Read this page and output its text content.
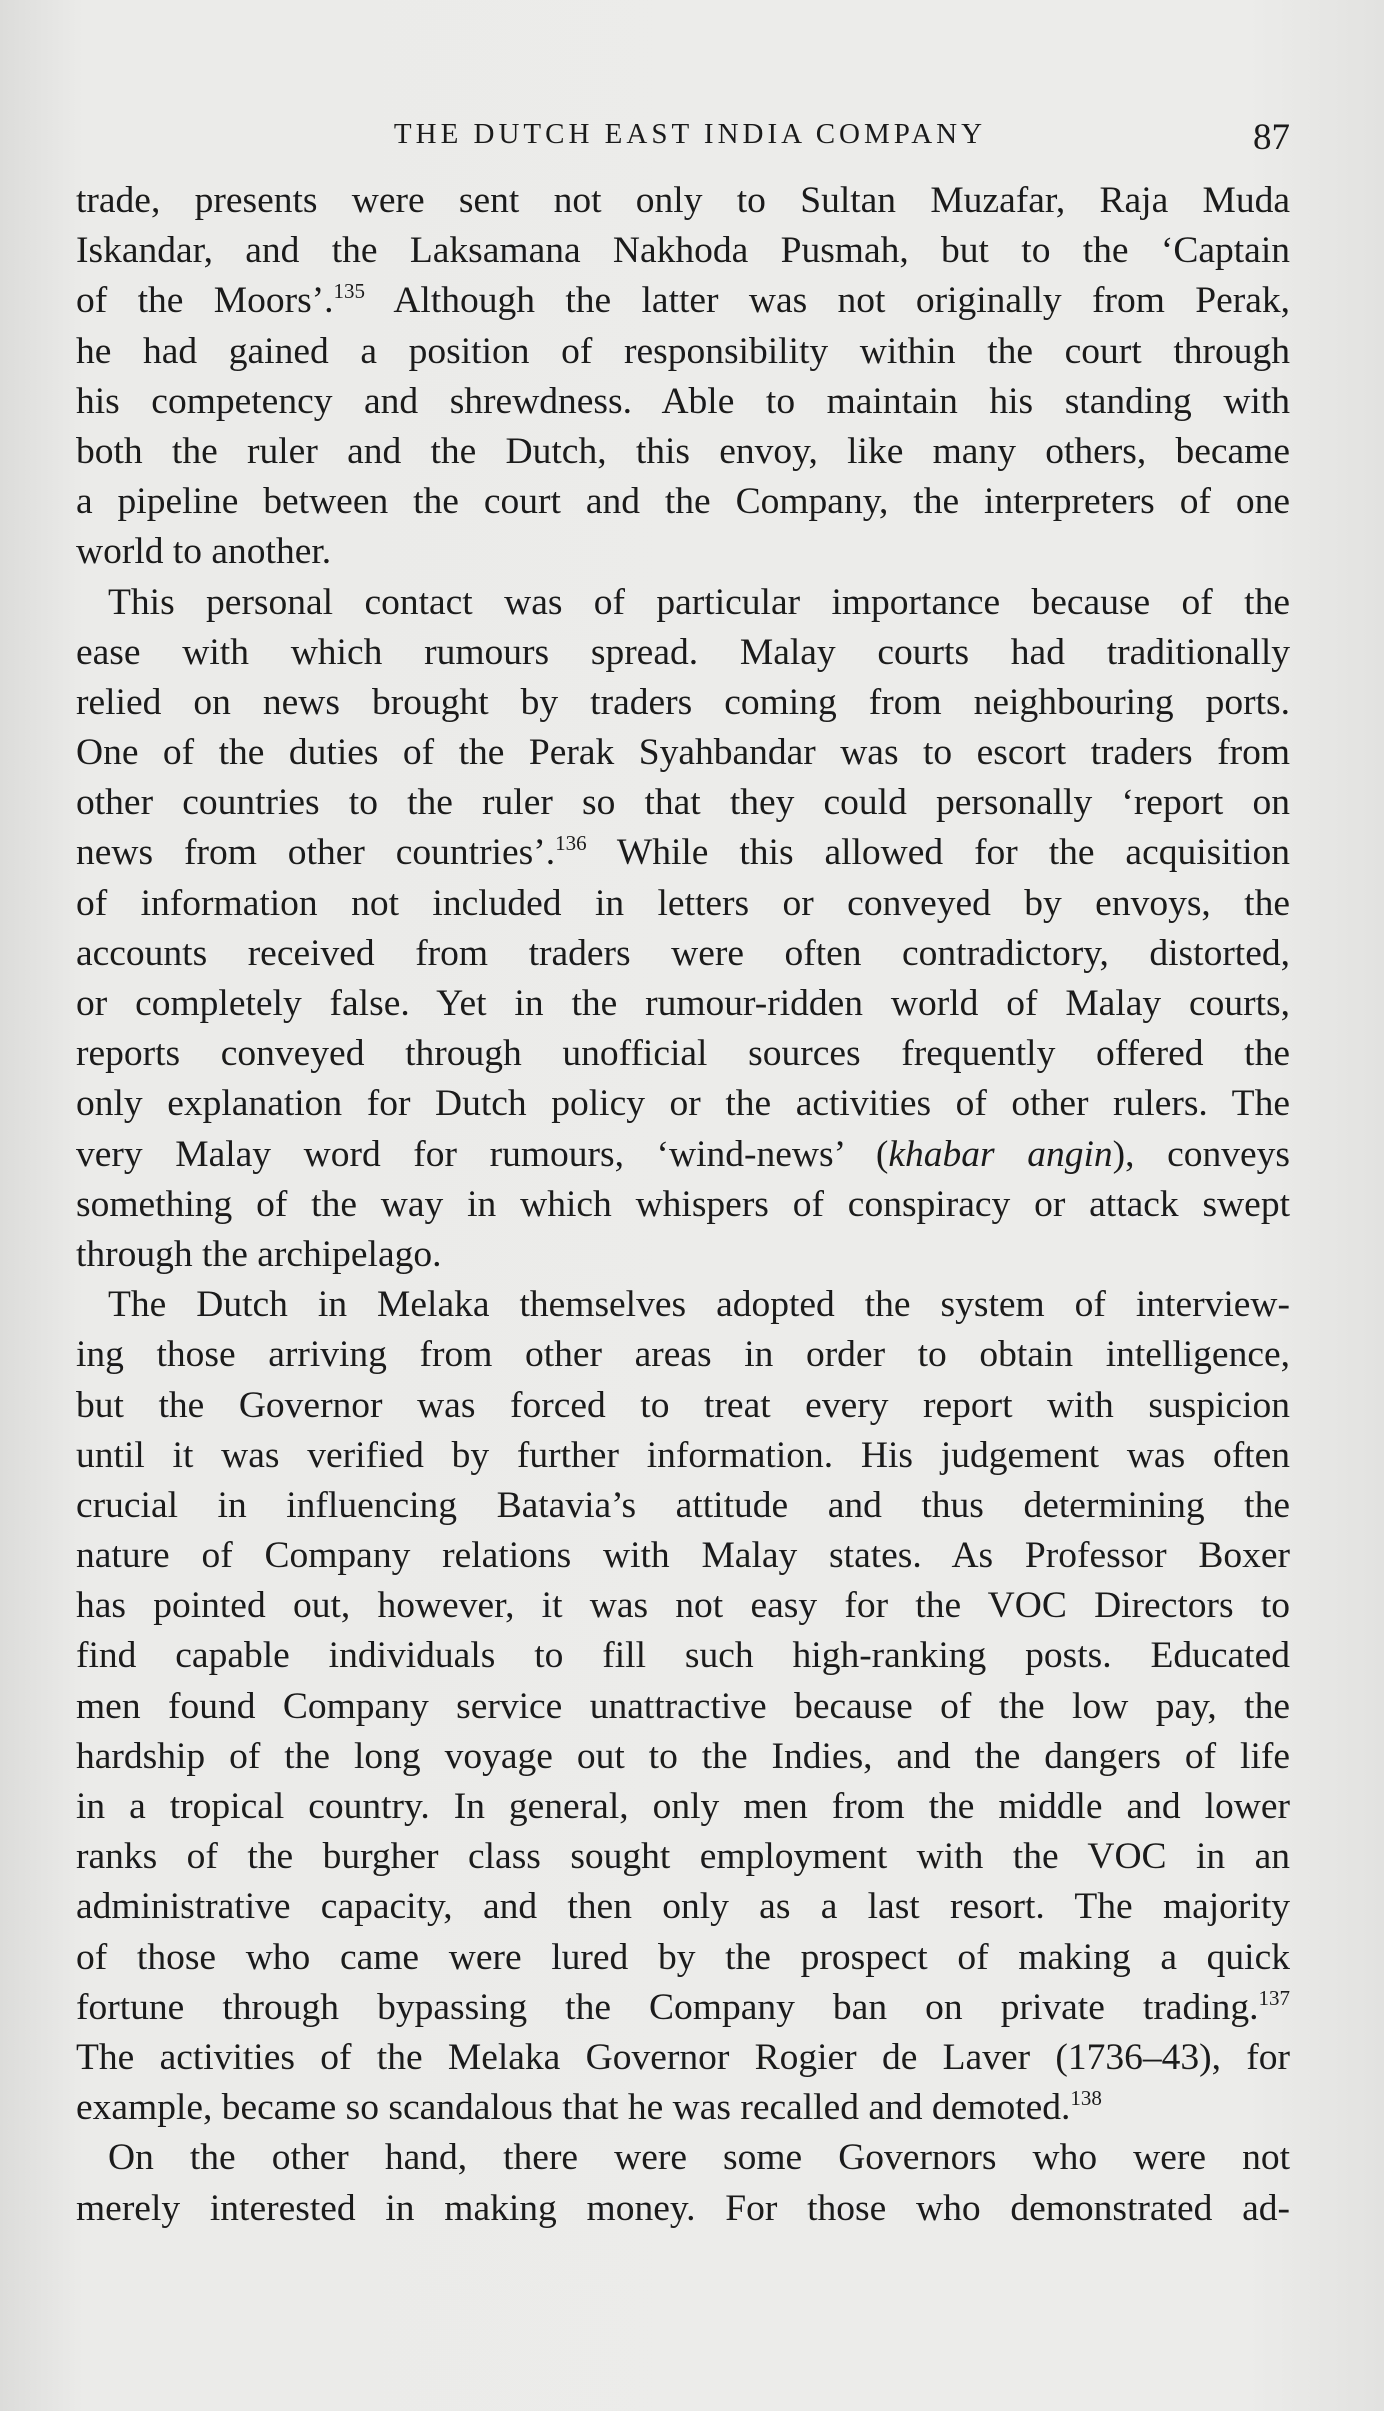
THE DUTCH EAST INDIA COMPANY	87
trade, presents were sent not only to Sultan Muzafar, Raja Muda
Iskandar, and the Laksamana Nakhoda Pusmah, but to the ‘Captain
of the Moors’.$^{135}$ Although the latter was not originally from Perak,
he had gained a position of responsibility within the court through
his competency and shrewdness. Able to maintain his standing with
both the ruler and the Dutch, this envoy, like many others, became
a pipeline between the court and the Company, the interpreters of one
world to another.
This personal contact was of particular importance because of the
ease with which rumours spread. Malay courts had traditionally
relied on news brought by traders coming from neighbouring ports.
One of the duties of the Perak Syahbandar was to escort traders from
other countries to the ruler so that they could personally ‘report on
news from other countries’.$^{136}$ While this allowed for the acquisition
of information not included in letters or conveyed by envoys, the
accounts received from traders were often contradictory, distorted,
or completely false. Yet in the rumour-ridden world of Malay courts,
reports conveyed through unofficial sources frequently offered the
only explanation for Dutch policy or the activities of other rulers. The
very Malay word for rumours, ‘wind-news’ (khabar angin), conveys
something of the way in which whispers of conspiracy or attack swept
through the archipelago.
The Dutch in Melaka themselves adopted the system of interview-
ing those arriving from other areas in order to obtain intelligence,
but the Governor was forced to treat every report with suspicion
until it was verified by further information. His judgement was often
crucial in influencing Batavia’s attitude and thus determining the
nature of Company relations with Malay states. As Professor Boxer
has pointed out, however, it was not easy for the VOC Directors to
find capable individuals to fill such high-ranking posts. Educated
men found Company service unattractive because of the low pay, the
hardship of the long voyage out to the Indies, and the dangers of life
in a tropical country. In general, only men from the middle and lower
ranks of the burgher class sought employment with the VOC in an
administrative capacity, and then only as a last resort. The majority
of those who came were lured by the prospect of making a quick
fortune through bypassing the Company ban on private trading.$^{137}$
The activities of the Melaka Governor Rogier de Laver (1736–43), for
example, became so scandalous that he was recalled and demoted.$^{138}$
On the other hand, there were some Governors who were not
merely interested in making money. For those who demonstrated ad-
